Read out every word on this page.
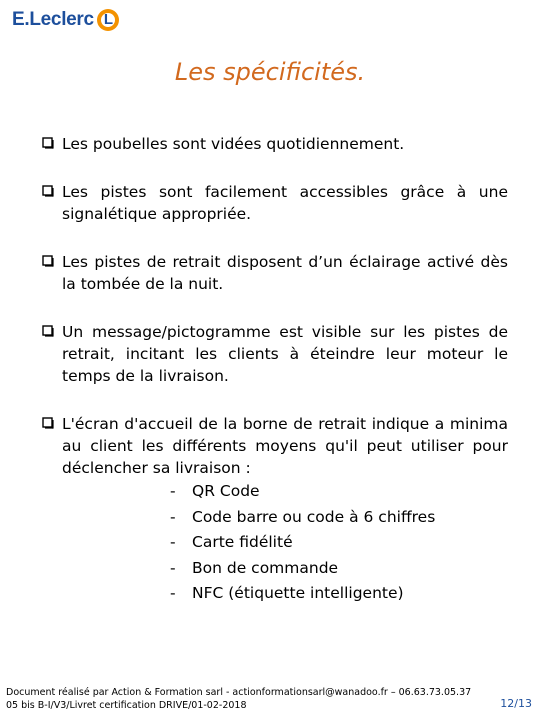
E.Leclerc
L
Les spécificités.
Les poubelles sont vidées quotidiennement.
Les pistes sont facilement accessibles grâce à une signalétique appropriée.
Les pistes de retrait disposent d’un éclairage activé dès la tombée de la nuit.
Un message/pictogramme est visible sur les pistes de retrait, incitant les clients à éteindre leur moteur le temps de la livraison.
L'écran d'accueil de la borne de retrait indique a minima au client les différents moyens qu'il peut utiliser pour déclencher sa livraison :
- QR Code
- Code barre ou code à 6 chiffres
- Carte fidélité
- Bon de commande
- NFC (étiquette intelligente)
Document réalisé par Action & Formation sarl - actionformationsarl@wanadoo.fr – 06.63.73.05.37
05 bis B-I/V3/Livret certification DRIVE/01-02-2018	12/13
